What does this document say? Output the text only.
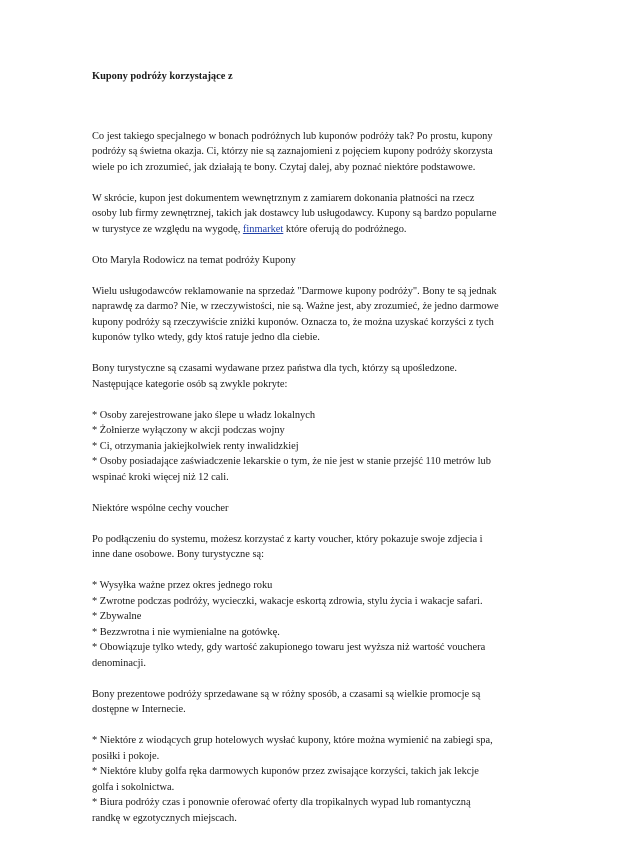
Kupony podróży korzystające z

Co jest takiego specjalnego w bonach podróżnych lub kuponów podróży tak? Po prostu, kupony
podróży są świetna okazja. Ci, którzy nie są zaznajomieni z pojęciem kupony podróży skorzysta
wiele po ich zrozumieć, jak działają te bony. Czytaj dalej, aby poznać niektóre podstawowe.

W skrócie, kupon jest dokumentem wewnętrznym z zamiarem dokonania płatności na rzecz
osoby lub firmy zewnętrznej, takich jak dostawcy lub usługodawcy. Kupony są bardzo popularne
w turystyce ze względu na wygodę, finmarket które oferują do podróżnego.

Oto Maryla Rodowicz na temat podróży Kupony

Wielu usługodawców reklamowanie na sprzedaż "Darmowe kupony podróży". Bony te są jednak
naprawdę za darmo? Nie, w rzeczywistości, nie są. Ważne jest, aby zrozumieć, że jedno darmowe
kupony podróży są rzeczywiście zniżki kuponów. Oznacza to, że można uzyskać korzyści z tych
kuponów tylko wtedy, gdy ktoś ratuje jedno dla ciebie.

Bony turystyczne są czasami wydawane przez państwa dla tych, którzy są upośledzone.
Następujące kategorie osób są zwykle pokryte:

* Osoby zarejestrowane jako ślepe u władz lokalnych
* Żołnierze wyłączony w akcji podczas wojny
* Ci, otrzymania jakiejkolwiek renty inwalidzkiej
* Osoby posiadające zaświadczenie lekarskie o tym, że nie jest w stanie przejść 110 metrów lub
wspinać kroki więcej niż 12 cali.

Niektóre wspólne cechy voucher

Po podłączeniu do systemu, możesz korzystać z karty voucher, który pokazuje swoje zdjecia i
inne dane osobowe. Bony turystyczne są:

* Wysyłka ważne przez okres jednego roku
* Zwrotne podczas podróży, wycieczki, wakacje eskortą zdrowia, stylu życia i wakacje safari.
* Zbywalne
* Bezzwrotna i nie wymienialne na gotówkę.
* Obowiązuje tylko wtedy, gdy wartość zakupionego towaru jest wyższa niż wartość vouchera
denominacji.

Bony prezentowe podróży sprzedawane są w różny sposób, a czasami są wielkie promocje są
dostępne w Internecie.

* Niektóre z wiodących grup hotelowych wysłać kupony, które można wymienić na zabiegi spa,
posiłki i pokoje.
* Niektóre kluby golfa ręka darmowych kuponów przez zwisające korzyści, takich jak lekcje
golfa i sokolnictwa.
* Biura podróży czas i ponownie oferować oferty dla tropikalnych wypad lub romantyczną
randkę w egzotycznych miejscach.
